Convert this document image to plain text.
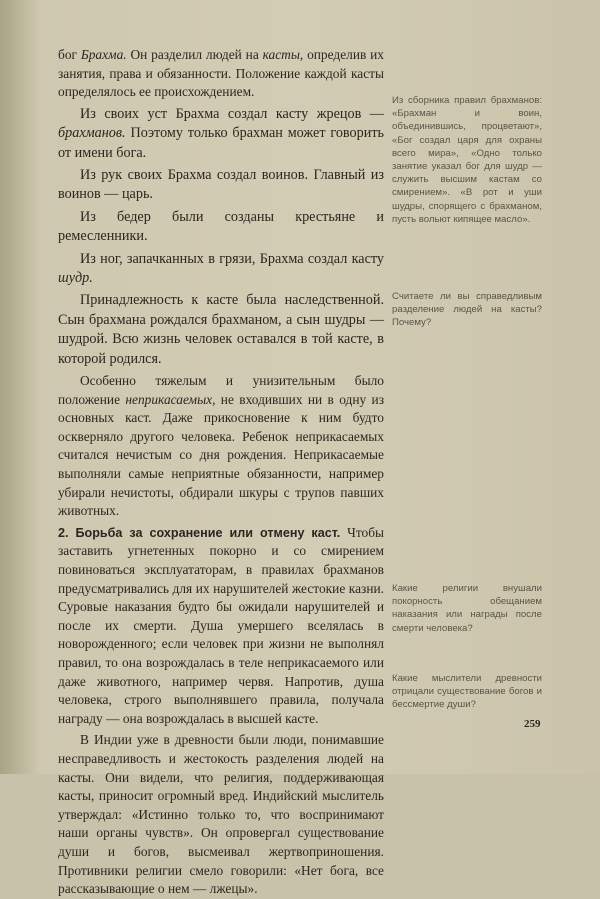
бог Брахма. Он разделил людей на касты, определив их занятия, права и обязанности. Положение каждой касты определялось ее происхождением.

Из своих уст Брахма создал касту жрецов — брахманов. Поэтому только брахман может говорить от имени бога.

Из рук своих Брахма создал воинов. Главный из воинов — царь.

Из бедер были созданы крестьяне и ремесленники.

Из ног, запачканных в грязи, Брахма создал касту шудр.

Принадлежность к касте была наследственной. Сын брахмана рождался брахманом, а сын шудры — шудрой. Всю жизнь человек оставался в той касте, в которой родился.

Особенно тяжелым и унизительным было положение неприкасаемых, не входивших ни в одну из основных каст. Даже прикосновение к ним будто оскверняло другого человека. Ребенок неприкасаемых считался нечистым со дня рождения. Неприкасаемые выполняли самые неприятные обязанности, например убирали нечистоты, обдирали шкуры с трупов павших животных.

2. Борьба за сохранение или отмену каст. Чтобы заставить угнетенных покорно и со смирением повиноваться эксплуататорам, в правилах брахманов предусматривались для их нарушителей жестокие казни. Суровые наказания будто бы ожидали нарушителей и после их смерти. Душа умершего вселялась в новорожденного; если человек при жизни не выполнял правил, то она возрождалась в теле неприкасаемого или даже животного, например червя. Напротив, душа человека, строго выполнявшего правила, получала награду — она возрождалась в высшей касте.

В Индии уже в древности были люди, понимавшие несправедливость и жестокость разделения людей на касты. Они видели, что религия, поддерживающая касты, приносит огромный вред. Индийский мыслитель утверждал: «Истинно только то, что воспринимают наши органы чувств». Он опровергал существование души и богов, высмеивал жертвоприношения. Противники религии смело говорили: «Нет бога, все рассказывающие о нем — лжецы».

Из сборника правил брахманов: «Брахман и воин, объединившись, процветают», «Бог создал царя для охраны всего мира», «Одно только занятие указал бог для шудр — служить высшим кастам со смирением». «В рот и уши шудры, спорящего с брахманом, пусть вольют кипящее масло».

Считаете ли вы справедливым разделение людей на касты? Почему?

Какие религии внушали покорность обещанием наказания или награды после смерти человека?

Какие мыслители древности отрицали существование богов и бессмертие души?

259
